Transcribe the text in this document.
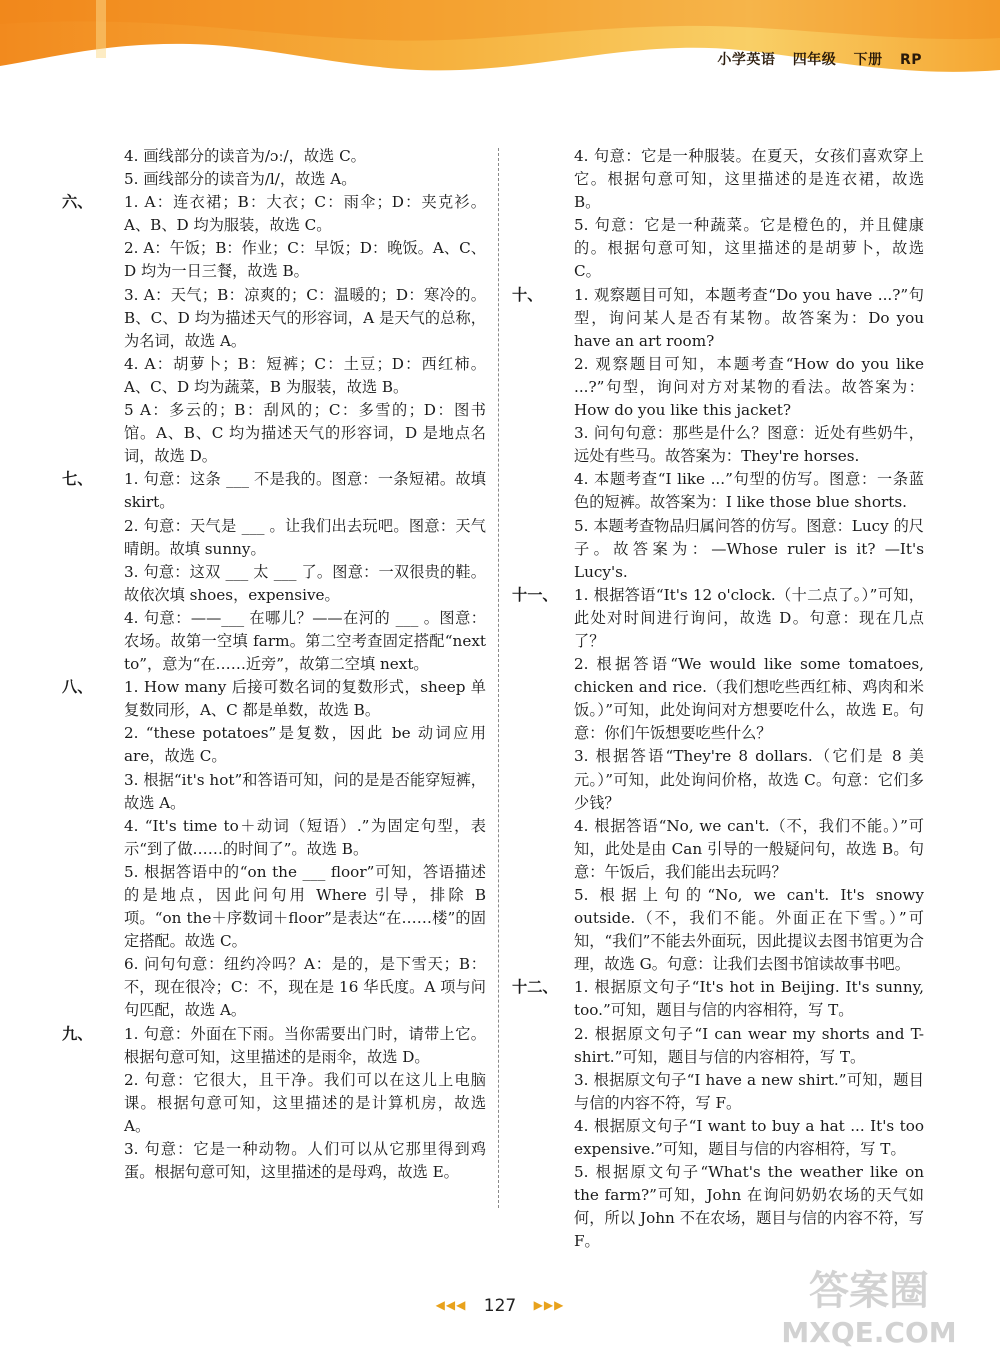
小学英语 四年级 下册 RP
4. 画线部分的读音为/ɔː/，故选 C。
5. 画线部分的读音为/l/，故选 A。
六、 1. A：连衣裙；B：大衣；C：雨伞；D：夹克衫。A、B、D 均为服装，故选 C。
2. A：午饭；B：作业；C：早饭；D：晚饭。A、C、D 均为一日三餐，故选 B。
3. A：天气；B：凉爽的；C：温暖的；D：寒冷的。B、C、D 均为描述天气的形容词，A 是天气的总称，为名词，故选 A。
4. A：胡萝卜；B：短裤；C：土豆；D：西红柿。A、C、D 均为蔬菜，B 为服装，故选 B。
5 A：多云的；B：刮风的；C：多雪的；D：图书馆。A、B、C 均为描述天气的形容词，D 是地点名词，故选 D。
七、 1. 句意：这条 ___ 不是我的。图意：一条短裙。故填 skirt。
2. 句意：天气是 ___ 。让我们出去玩吧。图意：天气晴朗。故填 sunny。
3. 句意：这双 ___ 太 ___ 了。图意：一双很贵的鞋。故依次填 shoes，expensive。
4. 句意：——___ 在哪儿？——在河的 ___ 。图意：农场。故第一空填 farm。第二空考查固定搭配“next to”，意为“在……近旁”，故第二空填 next。
八、 1. How many 后接可数名词的复数形式，sheep 单复数同形，A、C 都是单数，故选 B。
2. “these potatoes”是复数，因此 be 动词应用 are，故选 C。
3. 根据“it's hot”和答语可知，问的是是否能穿短裤，故选 A。
4. “It's time to＋动词（短语）.”为固定句型，表示“到了做……的时间了”。故选 B。
5. 根据答语中的“on the ___ floor”可知，答语描述的是地点，因此问句用 Where 引导，排除 B 项。“on the＋序数词＋floor”是表达“在……楼”的固定搭配。故选 C。
6. 问句句意：纽约冷吗？A：是的，是下雪天；B：不，现在很冷；C：不，现在是 16 华氏度。A 项与问句匹配，故选 A。
九、 1. 句意：外面在下雨。当你需要出门时，请带上它。根据句意可知，这里描述的是雨伞，故选 D。
2. 句意：它很大，且干净。我们可以在这儿上电脑课。根据句意可知，这里描述的是计算机房，故选 A。
3. 句意：它是一种动物。人们可以从它那里得到鸡蛋。根据句意可知，这里描述的是母鸡，故选 E。
4. 句意：它是一种服装。在夏天，女孩们喜欢穿上它。根据句意可知，这里描述的是连衣裙，故选 B。
5. 句意：它是一种蔬菜。它是橙色的，并且健康的。根据句意可知，这里描述的是胡萝卜，故选 C。
十、 1. 观察题目可知，本题考查“Do you have ...?”句型，询问某人是否有某物。故答案为：Do you have an art room?
2. 观察题目可知，本题考查“How do you like ...?”句型，询问对方对某物的看法。故答案为：How do you like this jacket?
3. 问句句意：那些是什么？图意：近处有些奶牛，远处有些马。故答案为：They're horses.
4. 本题考查“I like ...”句型的仿写。图意：一条蓝色的短裤。故答案为：I like those blue shorts.
5. 本题考查物品归属问答的仿写。图意：Lucy 的尺子。故答案为：—Whose ruler is it? —It's Lucy's.
十一、 1. 根据答语“It's 12 o'clock.（十二点了。）”可知，此处对时间进行询问，故选 D。句意：现在几点了？
2. 根据答语“We would like some tomatoes, chicken and rice.（我们想吃些西红柿、鸡肉和米饭。）”可知，此处询问对方想要吃什么，故选 E。句意：你们午饭想要吃些什么？
3. 根据答语“They're 8 dollars.（它们是 8 美元。）”可知，此处询问价格，故选 C。句意：它们多少钱？
4. 根据答语“No, we can't.（不，我们不能。）”可知，此处是由 Can 引导的一般疑问句，故选 B。句意：午饭后，我们能出去玩吗？
5. 根据上句的“No, we can't. It's snowy outside.（不，我们不能。外面正在下雪。）”可知，“我们”不能去外面玩，因此提议去图书馆更为合理，故选 G。句意：让我们去图书馆读故事书吧。
十二、 1. 根据原文句子“It's hot in Beijing. It's sunny, too.”可知，题目与信的内容相符，写 T。
2. 根据原文句子“I can wear my shorts and T-shirt.”可知，题目与信的内容相符，写 T。
3. 根据原文句子“I have a new shirt.”可知，题目与信的内容不符，写 F。
4. 根据原文句子“I want to buy a hat ... It's too expensive.”可知，题目与信的内容相符，写 T。
5. 根据原文句子“What's the weather like on the farm?”可知，John 在询问奶奶农场的天气如何，所以 John 不在农场，题目与信的内容不符，写 F。
◀◀◀ 127 ▶▶▶	答案圈
MXQE.COM
